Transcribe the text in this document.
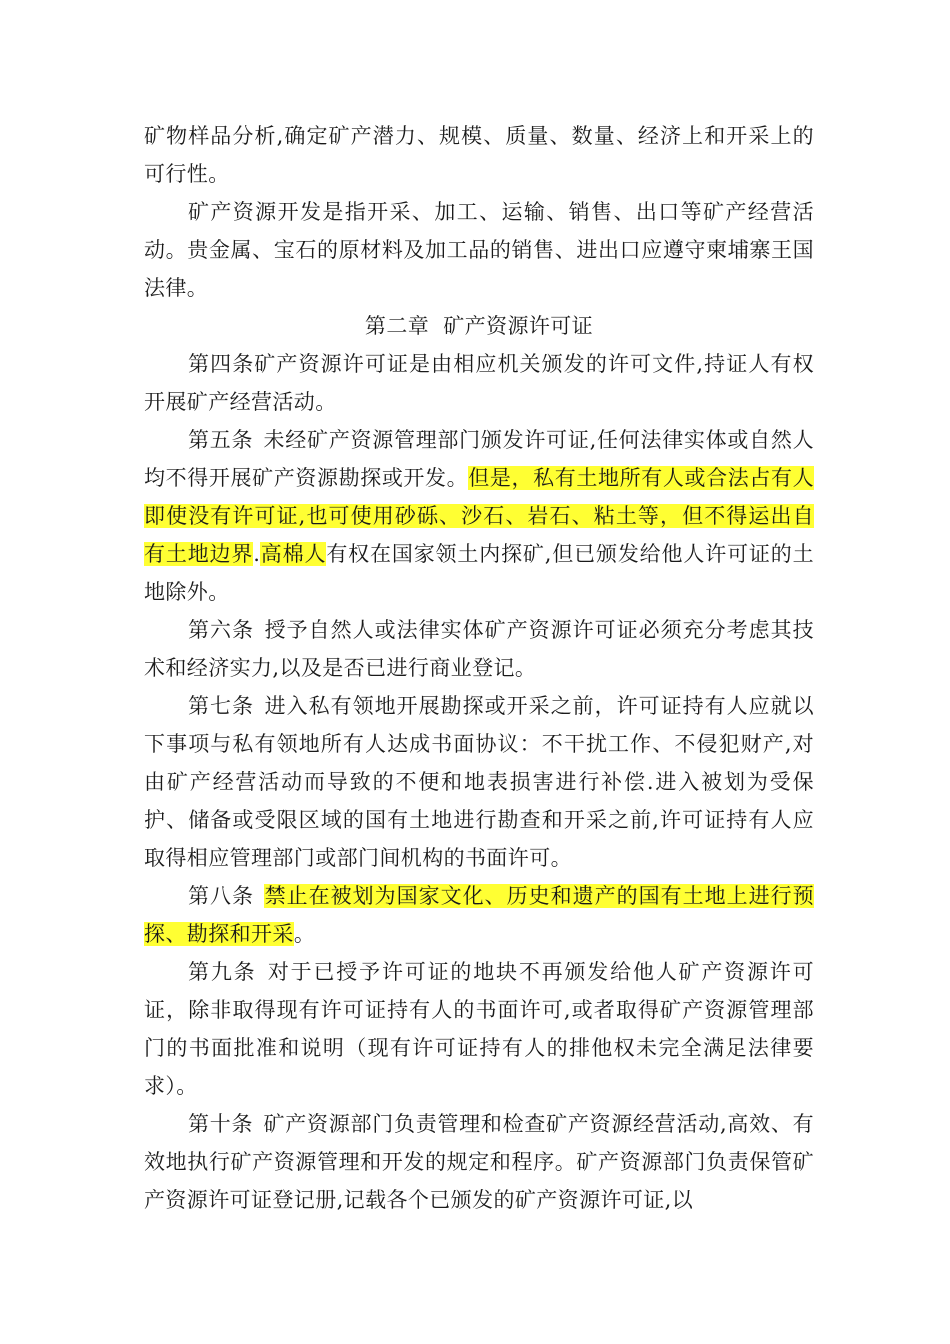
矿物样品分析,确定矿产潜力、规模、质量、数量、经济上和开采上的可行性。

矿产资源开发是指开采、加工、运输、销售、出口等矿产经营活动。贵金属、宝石的原材料及加工品的销售、进出口应遵守柬埔寨王国法律。

第二章  矿产资源许可证

第四条矿产资源许可证是由相应机关颁发的许可文件,持证人有权开展矿产经营活动。

第五条 未经矿产资源管理部门颁发许可证,任何法律实体或自然人均不得开展矿产资源勘探或开发。但是，私有土地所有人或合法占有人即使没有许可证,也可使用砂砾、沙石、岩石、粘土等，但不得运出自有土地边界.高棉人有权在国家领土内探矿,但已颁发给他人许可证的土地除外。

第六条 授予自然人或法律实体矿产资源许可证必须充分考虑其技术和经济实力,以及是否已进行商业登记。

第七条 进入私有领地开展勘探或开采之前，许可证持有人应就以下事项与私有领地所有人达成书面协议：不干扰工作、不侵犯财产,对由矿产经营活动而导致的不便和地表损害进行补偿.进入被划为受保护、储备或受限区域的国有土地进行勘查和开采之前,许可证持有人应取得相应管理部门或部门间机构的书面许可。

第八条 禁止在被划为国家文化、历史和遗产的国有土地上进行预探、勘探和开采。

第九条 对于已授予许可证的地块不再颁发给他人矿产资源许可证，除非取得现有许可证持有人的书面许可,或者取得矿产资源管理部门的书面批准和说明（现有许可证持有人的排他权未完全满足法律要求）。

第十条 矿产资源部门负责管理和检查矿产资源经营活动,高效、有效地执行矿产资源管理和开发的规定和程序。矿产资源部门负责保管矿产资源许可证登记册,记载各个已颁发的矿产资源许可证,以
